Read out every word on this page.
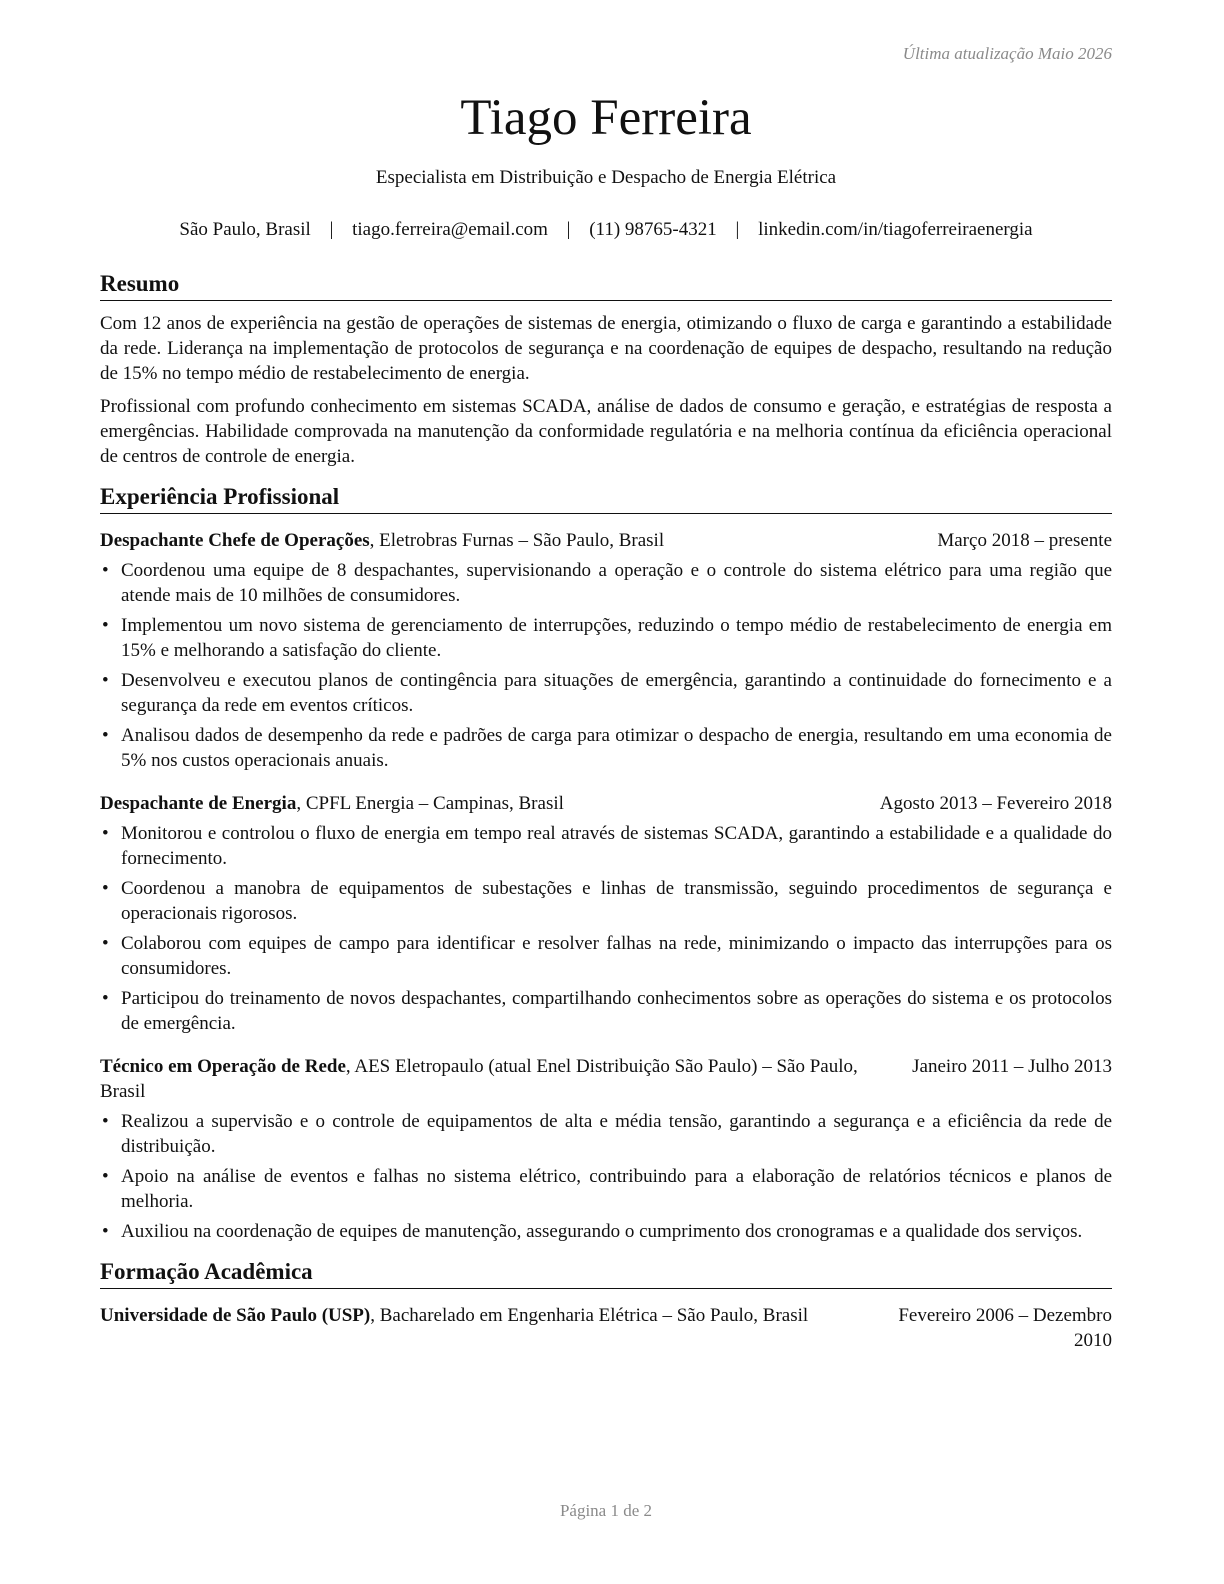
Última atualização Maio 2026
Tiago Ferreira
Especialista em Distribuição e Despacho de Energia Elétrica
São Paulo, Brasil | tiago.ferreira@email.com | (11) 98765-4321 | linkedin.com/in/tiagoferreiraenergia
Resumo

Com 12 anos de experiência na gestão de operações de sistemas de energia, otimizando o fluxo de carga e garantindo a estabilidade da rede. Liderança na implementação de protocolos de segurança e na coordenação de equipes de despacho, resultando na redução de 15% no tempo médio de restabelecimento de energia.

Profissional com profundo conhecimento em sistemas SCADA, análise de dados de consumo e geração, e estratégias de resposta a emergências. Habilidade comprovada na manutenção da conformidade regulatória e na melhoria contínua da eficiência operacional de centros de controle de energia.

Experiência Profissional
Despachante Chefe de Operações, Eletrobras Furnas – São Paulo, Brasil	Março 2018 – presente
• Coordenou uma equipe de 8 despachantes, supervisionando a operação e o controle do sistema elétrico para uma região que atende mais de 10 milhões de consumidores.
• Implementou um novo sistema de gerenciamento de interrupções, reduzindo o tempo médio de restabelecimento de energia em 15% e melhorando a satisfação do cliente.
• Desenvolveu e executou planos de contingência para situações de emergência, garantindo a continuidade do fornecimento e a segurança da rede em eventos críticos.
• Analisou dados de desempenho da rede e padrões de carga para otimizar o despacho de energia, resultando em uma economia de 5% nos custos operacionais anuais.
Despachante de Energia, CPFL Energia – Campinas, Brasil	Agosto 2013 – Fevereiro 2018
• Monitorou e controlou o fluxo de energia em tempo real através de sistemas SCADA, garantindo a estabilidade e a qualidade do fornecimento.
• Coordenou a manobra de equipamentos de subestações e linhas de transmissão, seguindo procedimentos de segurança e operacionais rigorosos.
• Colaborou com equipes de campo para identificar e resolver falhas na rede, minimizando o impacto das interrupções para os consumidores.
• Participou do treinamento de novos despachantes, compartilhando conhecimentos sobre as operações do sistema e os protocolos de emergência.
Técnico em Operação de Rede, AES Eletropaulo (atual Enel Distribuição São Paulo) – São Paulo, Brasil
Janeiro 2011 – Julho 2013
• Realizou a supervisão e o controle de equipamentos de alta e média tensão, garantindo a segurança e a eficiência da rede de distribuição.
• Apoio na análise de eventos e falhas no sistema elétrico, contribuindo para a elaboração de relatórios técnicos e planos de melhoria.
• Auxiliou na coordenação de equipes de manutenção, assegurando o cumprimento dos cronogramas e a qualidade dos serviços.
Formação Acadêmica
Universidade de São Paulo (USP), Bacharelado em Engenharia Elétrica – São Paulo, Brasil	Fevereiro 2006 – Dezembro 2010
Página 1 de 2
